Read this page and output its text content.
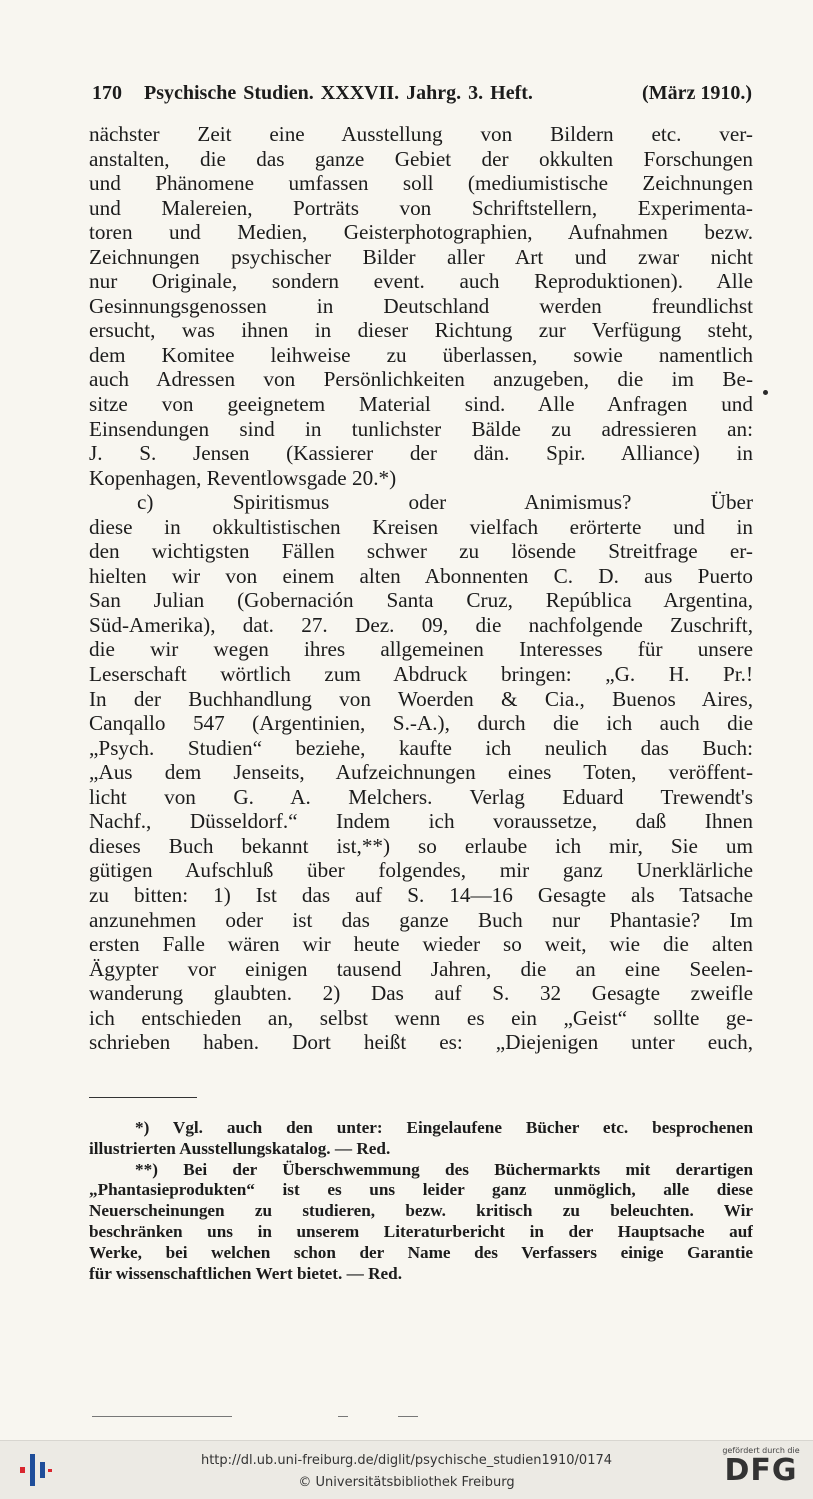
170 Psychische Studien. XXXVII. Jahrg. 3. Heft.	(März 1910.)
nächster Zeit eine Ausstellung von Bildern etc. ver-
anstalten, die das ganze Gebiet der okkulten Forschungen
und Phänomene umfassen soll (mediumistische Zeichnungen
und Malereien, Porträts von Schriftstellern, Experimenta-
toren und Medien, Geisterphotographien, Aufnahmen bezw.
Zeichnungen psychischer Bilder aller Art und zwar nicht
nur Originale, sondern event. auch Reproduktionen). Alle
Gesinnungsgenossen in Deutschland werden freundlichst
ersucht, was ihnen in dieser Richtung zur Verfügung steht,
dem Komitee leihweise zu überlassen, sowie namentlich
auch Adressen von Persönlichkeiten anzugeben, die im Be-
sitze von geeignetem Material sind. Alle Anfragen und
Einsendungen sind in tunlichster Bälde zu adressieren an:
J. S. Jensen (Kassierer der dän. Spir. Alliance) in
Kopenhagen, Reventlowsgade 20.*)
c) Spiritismus oder Animismus? Über
diese in okkultistischen Kreisen vielfach erörterte und in
den wichtigsten Fällen schwer zu lösende Streitfrage er-
hielten wir von einem alten Abonnenten C. D. aus Puerto
San Julian (Gobernación Santa Cruz, República Argentina,
Süd-Amerika), dat. 27. Dez. 09, die nachfolgende Zuschrift,
die wir wegen ihres allgemeinen Interesses für unsere
Leserschaft wörtlich zum Abdruck bringen: „G. H. Pr.!
In der Buchhandlung von Woerden & Cia., Buenos Aires,
Canqallo 547 (Argentinien, S.-A.), durch die ich auch die
„Psych. Studien“ beziehe, kaufte ich neulich das Buch:
„Aus dem Jenseits, Aufzeichnungen eines Toten, veröffent-
licht von G. A. Melchers. Verlag Eduard Trewendt's
Nachf., Düsseldorf.“ Indem ich voraussetze, daß Ihnen
dieses Buch bekannt ist,**) so erlaube ich mir, Sie um
gütigen Aufschluß über folgendes, mir ganz Unerklärliche
zu bitten: 1) Ist das auf S. 14—16 Gesagte als Tatsache
anzunehmen oder ist das ganze Buch nur Phantasie? Im
ersten Falle wären wir heute wieder so weit, wie die alten
Ägypter vor einigen tausend Jahren, die an eine Seelen-
wanderung glaubten. 2) Das auf S. 32 Gesagte zweifle
ich entschieden an, selbst wenn es ein „Geist“ sollte ge-
schrieben haben. Dort heißt es: „Diejenigen unter euch,
*) Vgl. auch den unter: Eingelaufene Bücher etc. besprochenen
illustrierten Ausstellungskatalog. — Red.
**) Bei der Überschwemmung des Büchermarkts mit derartigen
„Phantasieprodukten“ ist es uns leider ganz unmöglich, alle diese
Neuerscheinungen zu studieren, bezw. kritisch zu beleuchten. Wir
beschränken uns in unserem Literaturbericht in der Hauptsache auf
Werke, bei welchen schon der Name des Verfassers einige Garantie
für wissenschaftlichen Wert bietet. — Red.
http://dl.ub.uni-freiburg.de/diglit/psychische_studien1910/0174
© Universitätsbibliothek Freiburg
gefördert durch die
DFG
